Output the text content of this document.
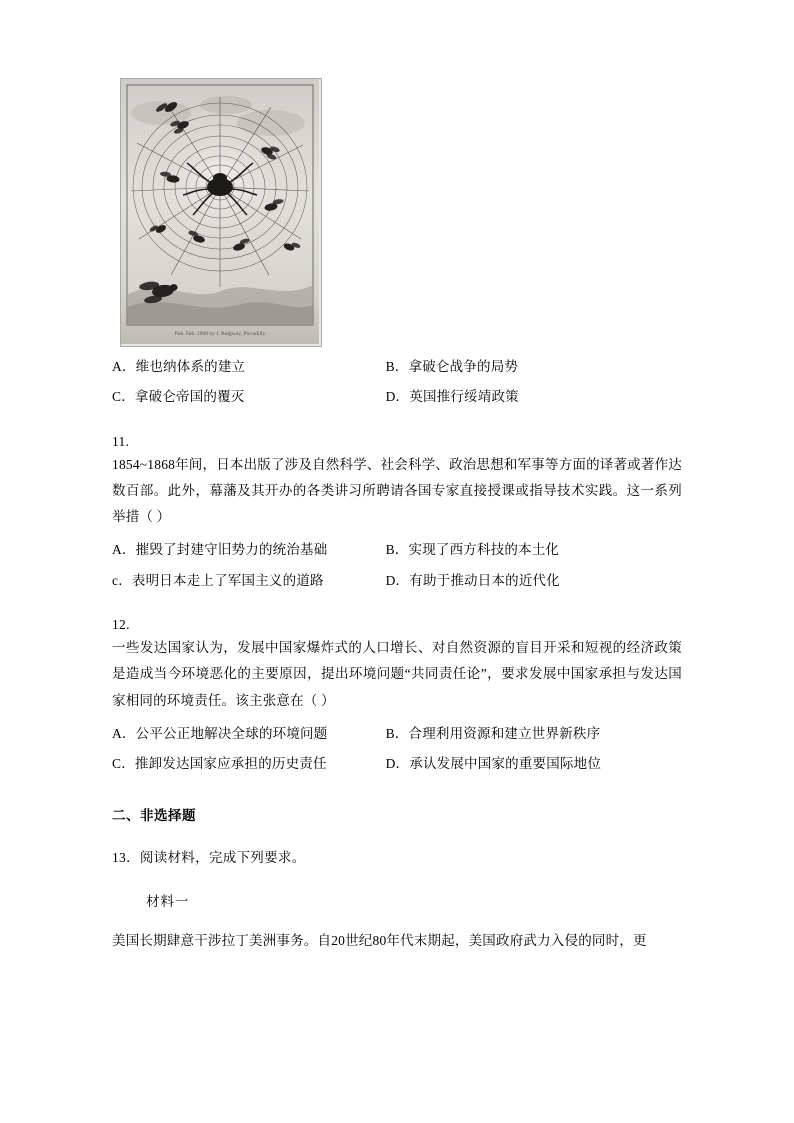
Pub. Feb. 1808 by J. Ridgway, Piccadilly
A．维也纳体系的建立	B．拿破仑战争的局势
C．拿破仑帝国的覆灭	D．英国推行绥靖政策
11.
1854~1868年间，日本出版了涉及自然科学、社会科学、政治思想和军事等方面的译著或著作达数百部。此外，幕藩及其开办的各类讲习所聘请各国专家直接授课或指导技术实践。这一系列举措（ ）
A．摧毁了封建守旧势力的统治基础	B．实现了西方科技的本土化
c．表明日本走上了军国主义的道路	D．有助于推动日本的近代化
12.
一些发达国家认为，发展中国家爆炸式的人口增长、对自然资源的盲目开采和短视的经济政策是造成当今环境恶化的主要原因，提出环境问题“共同责任论”，要求发展中国家承担与发达国家相同的环境责任。该主张意在（ ）
A．公平公正地解决全球的环境问题	B．合理利用资源和建立世界新秩序
C．推卸发达国家应承担的历史责任	D．承认发展中国家的重要国际地位
二、非选择题
13．阅读材料，完成下列要求。
材料一
美国长期肆意干涉拉丁美洲事务。自20世纪80年代末期起，美国政府武力入侵的同时，更
